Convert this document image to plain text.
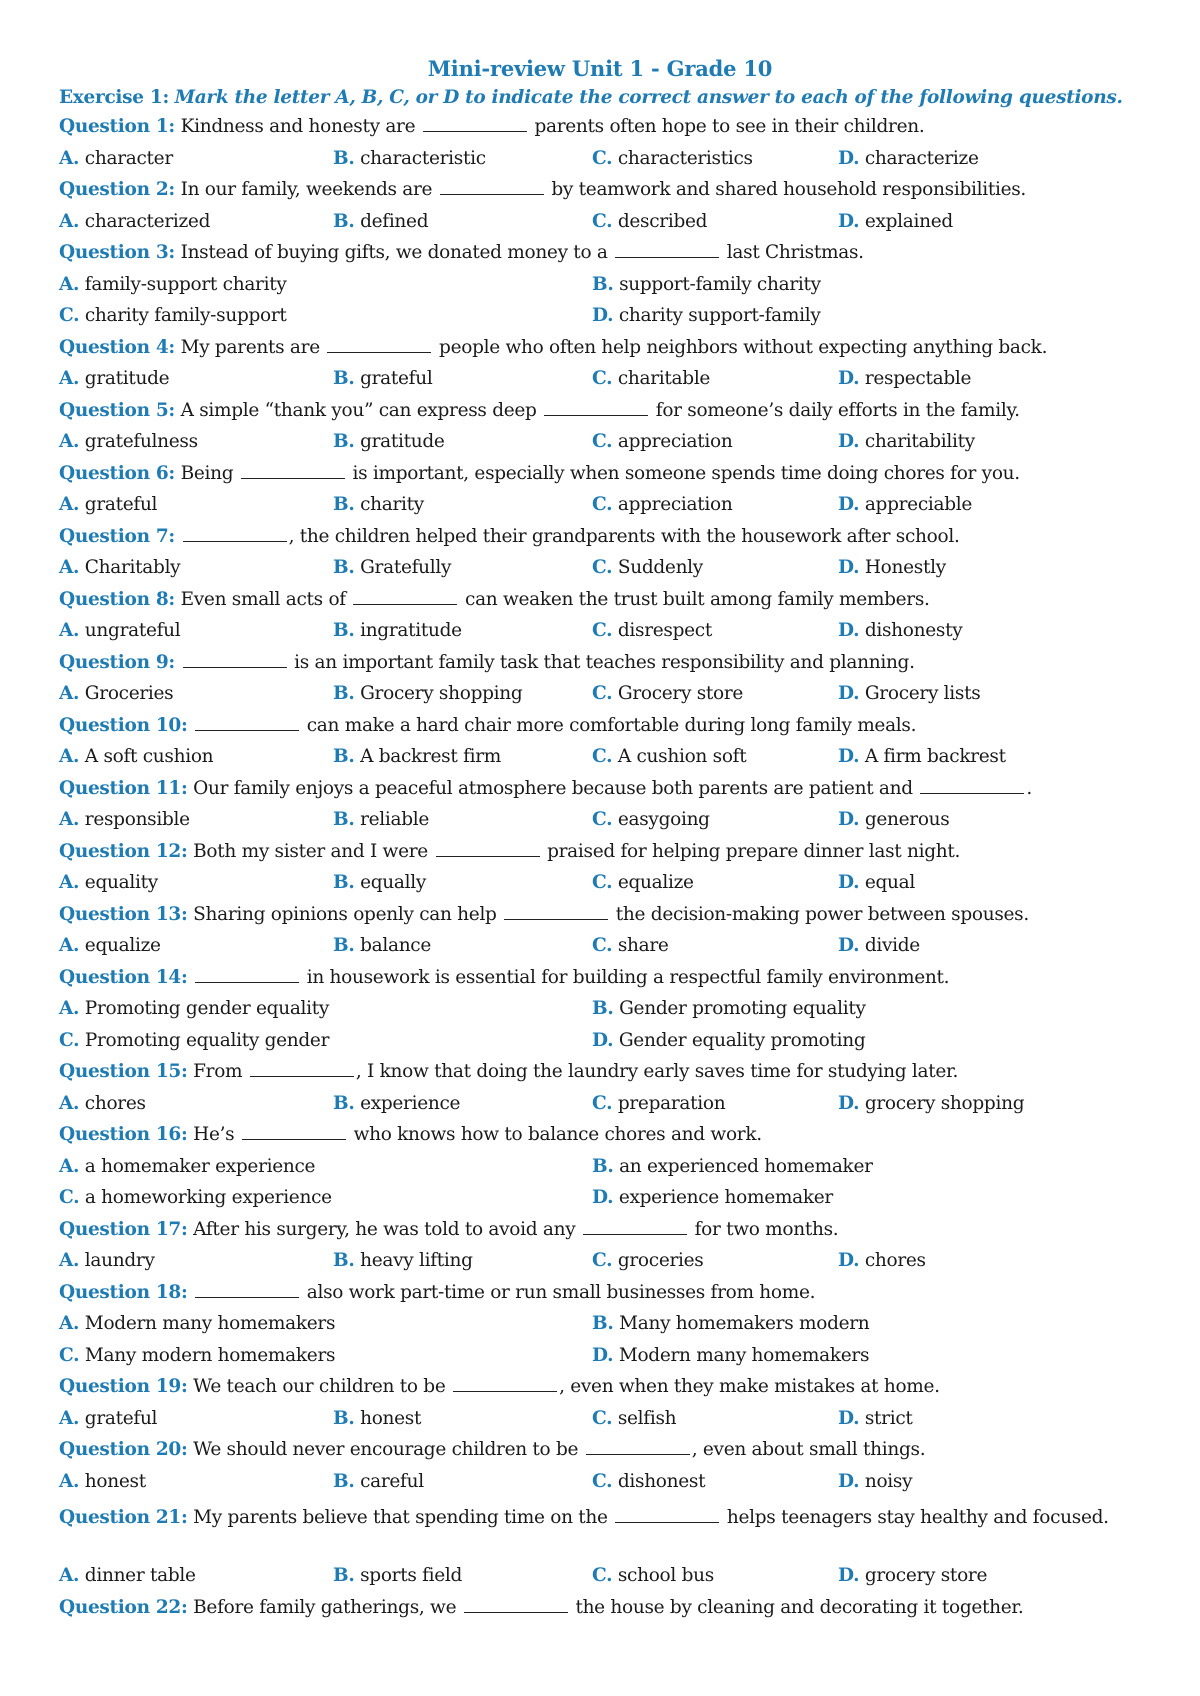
Mini-review Unit 1 - Grade 10
Exercise 1: Mark the letter A, B, C, or D to indicate the correct answer to each of the following questions.
Question 1: Kindness and honesty are	parents often hope to see in their children.
A. character	B. characteristic	C. characteristics	D. characterize
Question 2: In our family, weekends are	by teamwork and shared household responsibilities.
A. characterized	B. defined	C. described	D. explained
Question 3: Instead of buying gifts, we donated money to a	last Christmas.
A. family-support charity	B. support-family charity
C. charity family-support	D. charity support-family
Question 4: My parents are	people who often help neighbors without expecting anything back.
A. gratitude	B. grateful	C. charitable	D. respectable
Question 5: A simple “thank you” can express deep	for someone’s daily efforts in the family.
A. gratefulness	B. gratitude	C. appreciation	D. charitability
Question 6: Being	is important, especially when someone spends time doing chores for you.
A. grateful	B. charity	C. appreciation	D. appreciable
Question 7:	, the children helped their grandparents with the housework after school.
A. Charitably	B. Gratefully	C. Suddenly	D. Honestly
Question 8: Even small acts of	can weaken the trust built among family members.
A. ungrateful	B. ingratitude	C. disrespect	D. dishonesty
Question 9:	is an important family task that teaches responsibility and planning.
A. Groceries	B. Grocery shopping	C. Grocery store	D. Grocery lists
Question 10:	can make a hard chair more comfortable during long family meals.
A. A soft cushion	B. A backrest firm	C. A cushion soft	D. A firm backrest
Question 11: Our family enjoys a peaceful atmosphere because both parents are patient and	.
A. responsible	B. reliable	C. easygoing	D. generous
Question 12: Both my sister and I were	praised for helping prepare dinner last night.
A. equality	B. equally	C. equalize	D. equal
Question 13: Sharing opinions openly can help	the decision-making power between spouses.
A. equalize	B. balance	C. share	D. divide
Question 14:	in housework is essential for building a respectful family environment.
A. Promoting gender equality	B. Gender promoting equality
C. Promoting equality gender	D. Gender equality promoting
Question 15: From	, I know that doing the laundry early saves time for studying later.
A. chores	B. experience	C. preparation	D. grocery shopping
Question 16: He’s	who knows how to balance chores and work.
A. a homemaker experience	B. an experienced homemaker
C. a homeworking experience	D. experience homemaker
Question 17: After his surgery, he was told to avoid any	for two months.
A. laundry	B. heavy lifting	C. groceries	D. chores
Question 18:	also work part-time or run small businesses from home.
A. Modern many homemakers	B. Many homemakers modern
C. Many modern homemakers	D. Modern many homemakers
Question 19: We teach our children to be	, even when they make mistakes at home.
A. grateful	B. honest	C. selfish	D. strict
Question 20: We should never encourage children to be	, even about small things.
A. honest	B. careful	C. dishonest	D. noisy
Question 21: My parents believe that spending time on the	helps teenagers stay healthy and focused.
A. dinner table	B. sports field	C. school bus	D. grocery store
Question 22: Before family gatherings, we	the house by cleaning and decorating it together.
